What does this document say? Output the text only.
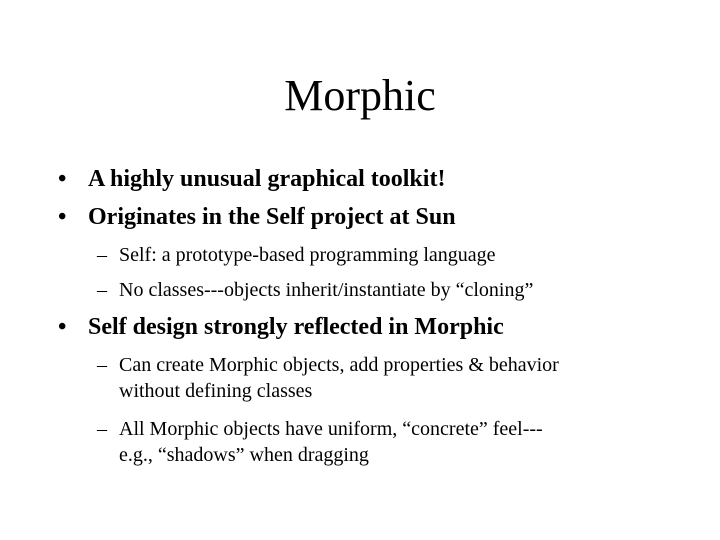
Morphic
• A highly unusual graphical toolkit!
• Originates in the Self project at Sun
– Self: a prototype-based programming language
– No classes---objects inherit/instantiate by “cloning”
• Self design strongly reflected in Morphic
– Can create Morphic objects, add properties & behavior
without defining classes
– All Morphic objects have uniform, “concrete” feel---
e.g., “shadows” when dragging
